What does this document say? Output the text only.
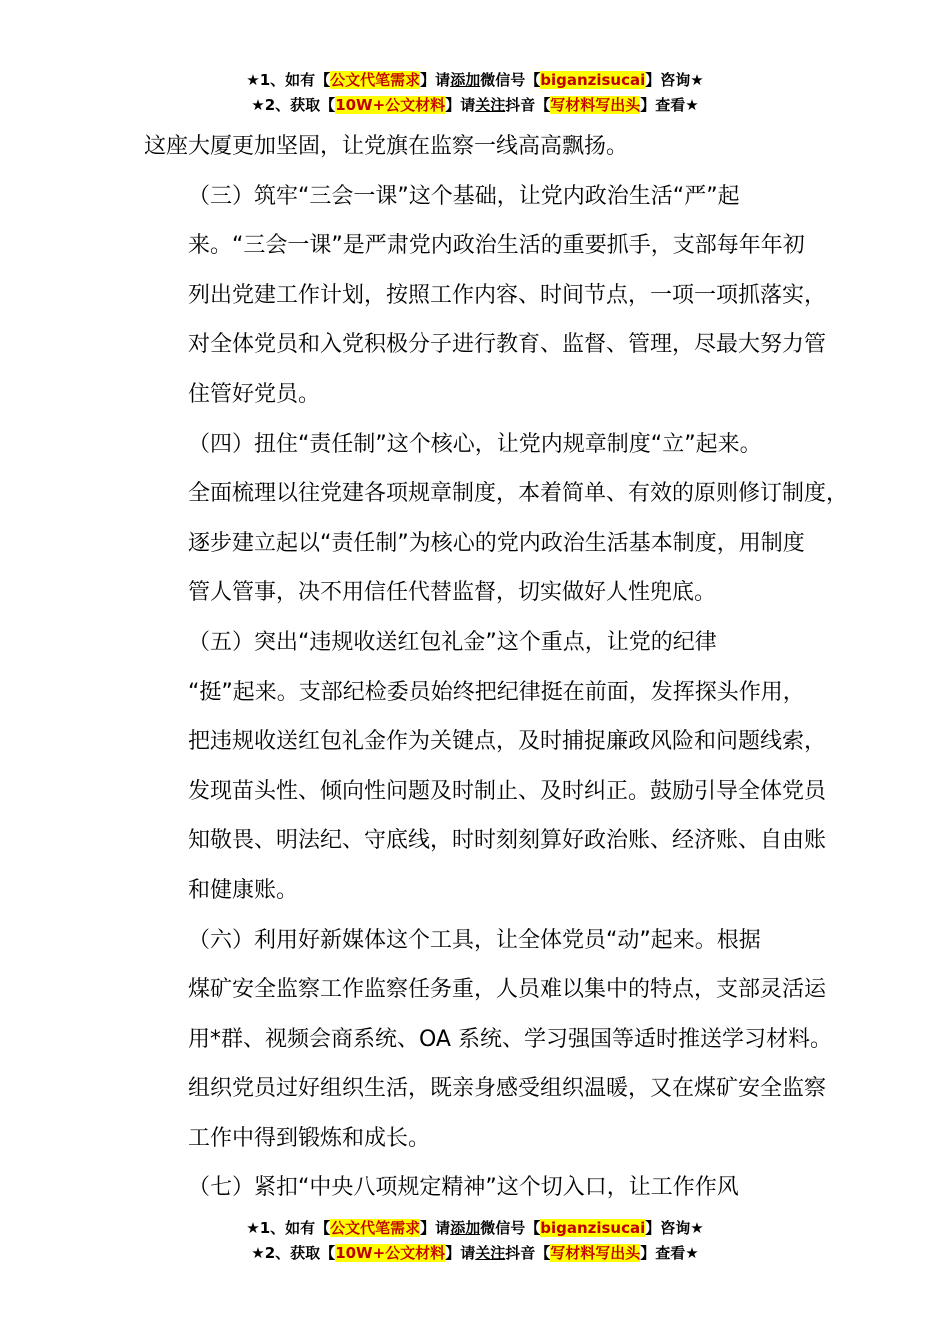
★1、如有【公文代笔需求】请添加微信号【biganzisucai】咨询★
★2、获取【10W+公文材料】请关注抖音【写材料写出头】查看★
这座大厦更加坚固，让党旗在监察一线高高飘扬。
（三）筑牢“三会一课”这个基础，让党内政治生活“严”起
来。“三会一课”是严肃党内政治生活的重要抓手，支部每年年初
列出党建工作计划，按照工作内容、时间节点，一项一项抓落实，
对全体党员和入党积极分子进行教育、监督、管理，尽最大努力管
住管好党员。
（四）扭住“责任制”这个核心，让党内规章制度“立”起来。
全面梳理以往党建各项规章制度，本着简单、有效的原则修订制度，
逐步建立起以“责任制”为核心的党内政治生活基本制度，用制度
管人管事，决不用信任代替监督，切实做好人性兜底。
（五）突出“违规收送红包礼金”这个重点，让党的纪律
“挺”起来。支部纪检委员始终把纪律挺在前面，发挥探头作用，
把违规收送红包礼金作为关键点，及时捕捉廉政风险和问题线索，
发现苗头性、倾向性问题及时制止、及时纠正。鼓励引导全体党员
知敬畏、明法纪、守底线，时时刻刻算好政治账、经济账、自由账
和健康账。
（六）利用好新媒体这个工具，让全体党员“动”起来。根据
煤矿安全监察工作监察任务重，人员难以集中的特点，支部灵活运
用*群、视频会商系统、OA 系统、学习强国等适时推送学习材料。
组织党员过好组织生活，既亲身感受组织温暖，又在煤矿安全监察
工作中得到锻炼和成长。
（七）紧扣“中央八项规定精神”这个切入口，让工作作风
★1、如有【公文代笔需求】请添加微信号【biganzisucai】咨询★
★2、获取【10W+公文材料】请关注抖音【写材料写出头】查看★
